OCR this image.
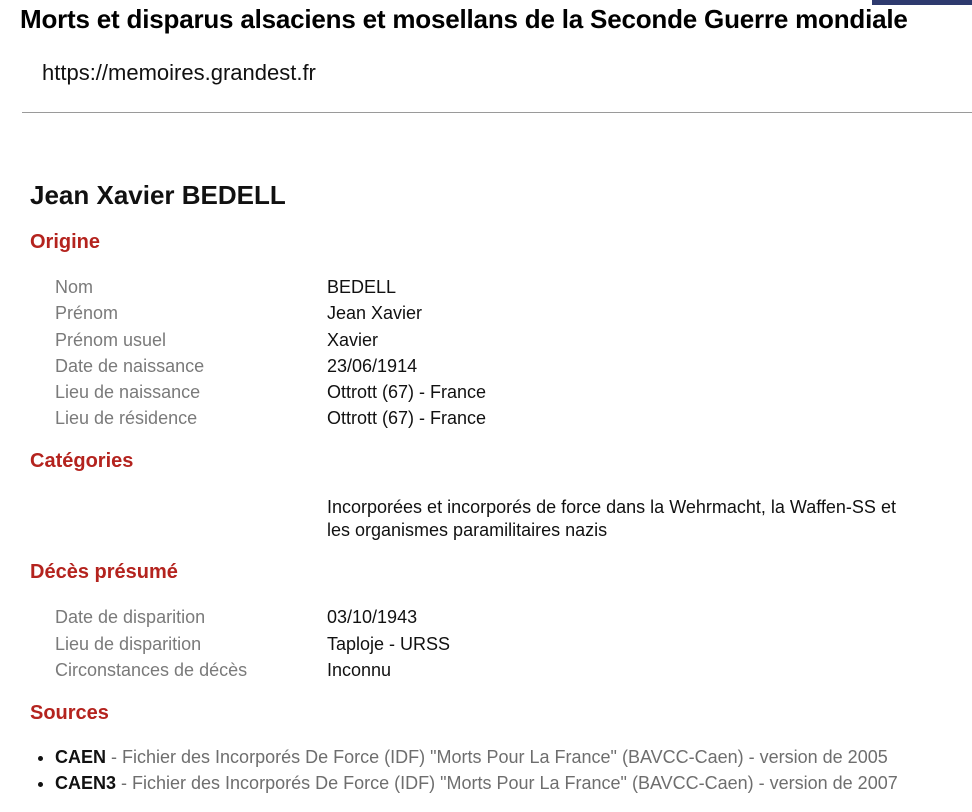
Morts et disparus alsaciens et mosellans de la Seconde Guerre mondiale
https://memoires.grandest.fr
Jean Xavier BEDELL
Origine
Nom	BEDELL
Prénom	Jean Xavier
Prénom usuel	Xavier
Date de naissance	23/06/1914
Lieu de naissance	Ottrott (67) - France
Lieu de résidence	Ottrott (67) - France
Catégories
Incorporées et incorporés de force dans la Wehrmacht, la Waffen-SS et les organismes paramilitaires nazis
Décès présumé
Date de disparition	03/10/1943
Lieu de disparition	Taploje - URSS
Circonstances de décès	Inconnu
Sources
CAEN - Fichier des Incorporés De Force (IDF) "Morts Pour La France" (BAVCC-Caen) - version de 2005
CAEN3 - Fichier des Incorporés De Force (IDF) "Morts Pour La France" (BAVCC-Caen) - version de 2007
